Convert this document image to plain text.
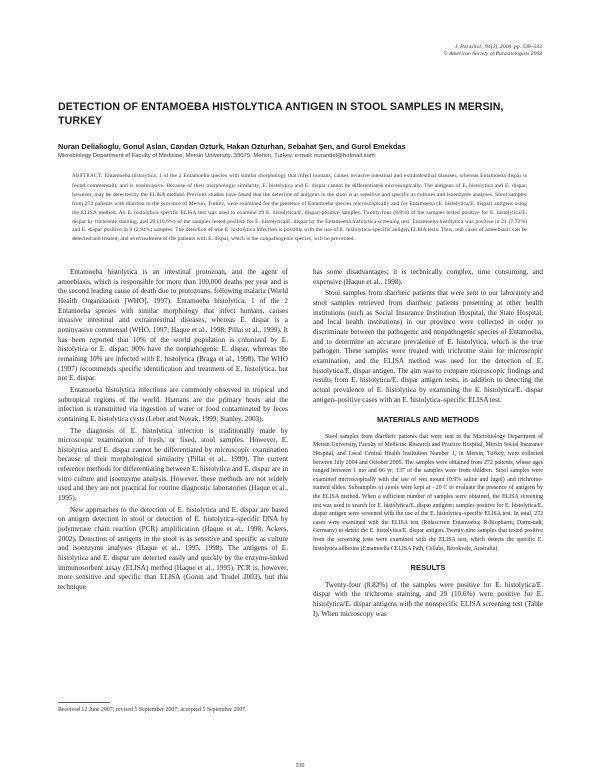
J. Parasitol., 94(2), 2008, pp. 530–532
© American Society of Parasitologists 2008
DETECTION OF ENTAMOEBA HISTOLYTICA ANTIGEN IN STOOL SAMPLES IN MERSIN, TURKEY
Nuran Delialioglu, Gonul Aslan, Candan Ozturk, Hakan Ozturhan, Sebahat Şen, and Gurol Emekdas
Microbiology Department of Faculty of Medicine, Mersin University, 33079, Mersin, Turkey. e-mail: nurandel@hotmail.com
ABSTRACT: Entamoeba histolytica, 1 of the 2 Entamoeba species with similar morphology that infect humans, causes invasive intestinal and extraintestinal diseases, whereas Entamoeba dispar is found commensally and is noninvasive. Because of their morphologic similarity, E. histolytica and E. dispar cannot be differentiated microscopically. The antigens of E. histolytica and E. dispar, however, may be detected by the ELISA method. Previous studies have found that the detection of antigens in the stool is as sensitive and specific as cultures and isoenzyme analyses. Stool samples from 272 patients with diarrhea in the province of Mersin, Turkey, were examined for the presence of Entamoeba species microscopically and for Entamoeba (E. histolytica/E. dispar) antigens using the ELISA method. An E. histolytica–specific ELISA test was used to examine 29 E. histolytica/E. dispar–positive samples. Twenty-four (8.8%) of the samples tested positive for E. histolytica/E. dispar by trichrome staining, and 29 (10.6%) of the samples tested positive for E. histolytica/E. dispar by the Entamoeba histolytica screening test. Entamoeba histolytica was positive in 21 (7.72%) and E. dispar positive in 8 (2.94%) samples. The detection of true E. histolytica infection is possible with the use of E. histolytica–specific antigen ELISA tests. Thus, real cases of amoebiasis can be detected and treated, and overtreatment of the patients with E. dispar, which is the nonpathogenic species, will be prevented.

Entamoeba histolytica is an intestinal protozoan, and the agent of amoebiasis, which is responsible for more than 100,000 deaths per year and is the second leading cause of death due to protozoans, following malaria (World Health Organization [WHO], 1997). Entamoeba histolytica, 1 of the 2 Entamoeba species with similar morphology that infect humans, causes invasive intestinal and extraintestinal diseases, whereas E. dispar is a noninvasive commensal (WHO, 1997; Haque et al., 1998; Pillai et al., 1999). It has been reported that 10% of the world population is colonized by E. histolytica or E. dispar; 90% have the nonpathogenic E. dispar, whereas the remaining 10% are infected with E. histolytica (Braga et al., 1998). The WHO (1997) recommends specific identification and treatment of E. histolytica, but not E. dispar.

Entamoeba histolytica infections are commonly observed in tropical and subtropical regions of the world. Humans are the primary hosts and the infection is transmitted via ingestion of water or food contaminated by feces containing E. histolytica cysts (Leber and Novak, 1999; Stanley, 2003).

The diagnosis of E. histolytica infection is traditionally made by microscopic examination of fresh, or fixed, stool samples. However, E. histolytica and E. dispar cannot be differentiated by microscopic examination because of their morphological similarity (Pillai et al., 1999). The current reference methods for differentiating between E. histolytica and E. dispar are in vitro culture and isoenzyme analysis. However, these methods are not widely used and they are not practical for routine diagnostic laboratories (Haque et al., 1995).

New approaches to the detection of E. histolytica and E. dispar are based on antigen detection in stool or detection of E. histolytica–specific DNA by polymerase chain reaction (PCR) amplification (Haque et al., 1998; Ackers, 2002). Detection of antigens in the stool is as sensitive and specific as culture and isoenzyme analyses (Haque et al., 1995, 1998). The antigens of E. histolytica and E. dispar are detected easily and quickly by the enzyme-linked immunosorbent assay (ELISA) method (Haque et al., 1995). PCR is, however, more sensitive and specific than ELISA (Gonin and Trudel 2003), but this technique

has some disadvantages; it is technically complex, time consuming, and expensive (Haque et al., 1998).

Stool samples from diarrheic patients that were sent to our laboratory and stool samples retrieved from diarrheic patients presenting at other health institutions (such as Social Insurance Institution Hospital, the State Hospital, and local health institutions) in our province were collected in order to discriminate between the pathogenic and nonpathogenic species of Entamoeba, and to determine an accurate prevalence of E. histolytica, which is the true pathogen. These samples were treated with trichrome stain for microscopic examination, and the ELISA method was used for the detection of E. histolytica/E. dispar antigen. The aim was to compare microscopic findings and results from E. histolytica/E. dispar antigen tests, in addition to detecting the actual prevalence of E. histolytica by examining the E. histolytica/E. dispar antigen–positive cases with an E. histolytica–specific ELISA test.

MATERIALS AND METHODS

Stool samples from diarrheic patients that were sent to the Microbiology Department of Mersin University, Faculty of Medicine Research and Practice Hospital, Mersin Social Insurance Hospital, and Local Central Health Institution Number 1, in Mersin, Turkey, were collected between July 2004 and October 2005. The samples were obtained from 272 patients, whose ages ranged between 1 mo and 66 yr; 137 of the samples were from children. Stool samples were examined microscopically with the use of wet mount (0.9% saline and lugol) and trichrome-stained slides. Subsamples of stools were kept at −20 C to evaluate the presence of antigens by the ELISA method. When a sufficient number of samples were obtained, the ELISA screening test was used to search for E. histolytica/E. dispar antigens; samples positive for E. histolytica/E. dispar antigen were screened with the use of the E. histolytica–specific ELISA test. In total, 272 cases were examined with the ELISA test (Ridascreen Entamoeba; R-Biopharm, Darmstadt, Germany) to detect the E. histolytica/E. dispar antigen. Twenty-nine samples that tested positive from the screening tests were examined with the ELISA test, which detects the specific E. histolytica adhesins (Entamoeba CELISA Path, Cellabs, Brookvale, Australia).

RESULTS

Twenty-four (8.82%) of the samples were positive for E. histolytica/E. dispar with the trichrome staining, and 29 (10.6%) were positive for E. histolytica/E. dispar antigens with the nonspecific ELISA screening test (Table I). When microscopy was

Received 12 June 2007; revised 5 September 2007; accepted 5 September 2007.
530
